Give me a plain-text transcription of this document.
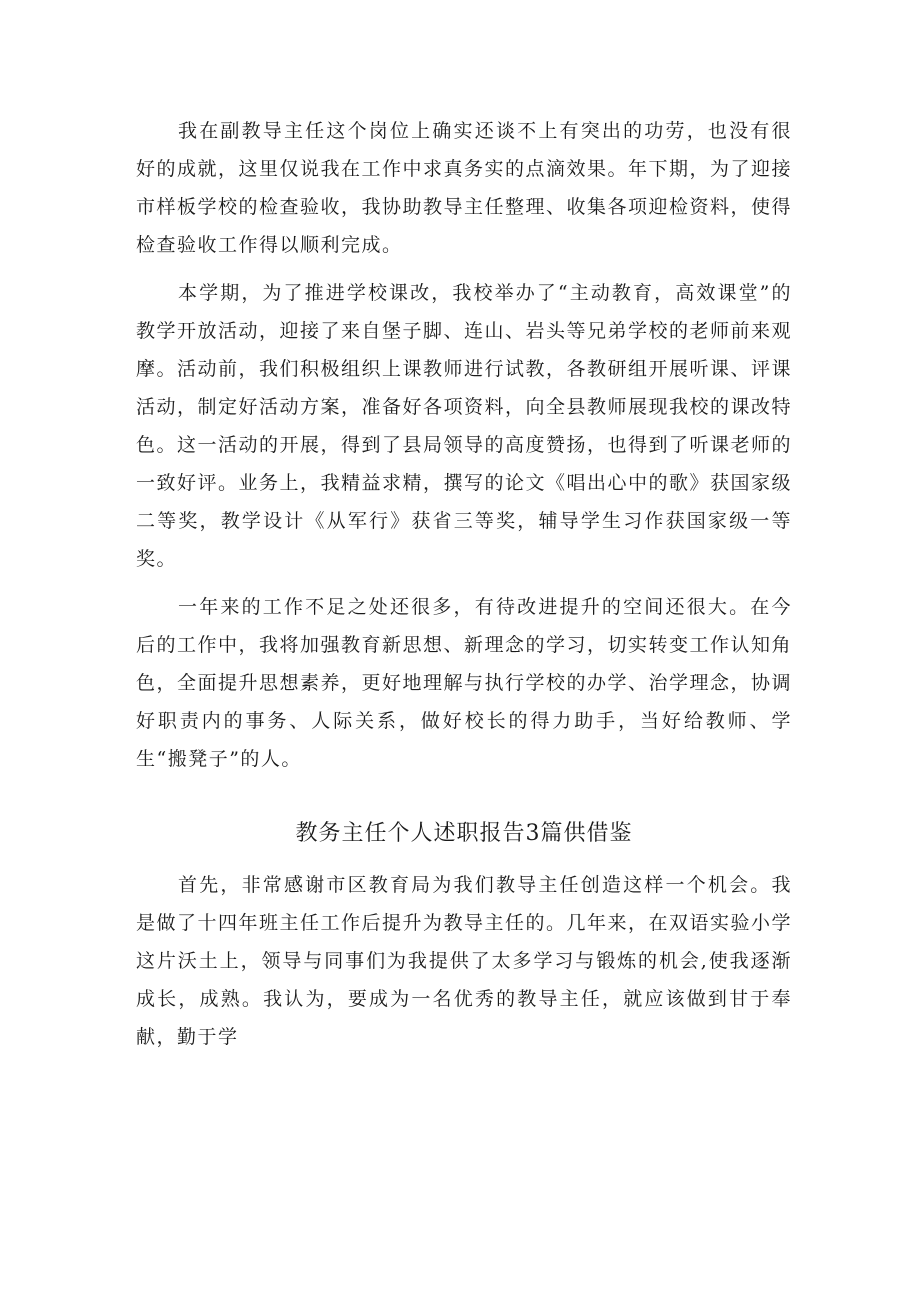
我在副教导主任这个岗位上确实还谈不上有突出的功劳，也没有很好的成就，这里仅说我在工作中求真务实的点滴效果。年下期，为了迎接市样板学校的检查验收，我协助教导主任整理、收集各项迎检资料，使得检查验收工作得以顺利完成。

本学期，为了推进学校课改，我校举办了“主动教育，高效课堂”的教学开放活动，迎接了来自堡子脚、连山、岩头等兄弟学校的老师前来观摩。活动前，我们积极组织上课教师进行试教，各教研组开展听课、评课活动，制定好活动方案，准备好各项资料，向全县教师展现我校的课改特色。这一活动的开展，得到了县局领导的高度赞扬，也得到了听课老师的一致好评。业务上，我精益求精，撰写的论文《唱出心中的歌》获国家级二等奖，教学设计《从军行》获省三等奖，辅导学生习作获国家级一等奖。

一年来的工作不足之处还很多，有待改进提升的空间还很大。在今后的工作中，我将加强教育新思想、新理念的学习，切实转变工作认知角色，全面提升思想素养，更好地理解与执行学校的办学、治学理念，协调好职责内的事务、人际关系，做好校长的得力助手，当好给教师、学生“搬凳子”的人。

教务主任个人述职报告3篇供借鉴

首先，非常感谢市区教育局为我们教导主任创造这样一个机会。我是做了十四年班主任工作后提升为教导主任的。几年来，在双语实验小学这片沃土上，领导与同事们为我提供了太多学习与锻炼的机会,使我逐渐成长，成熟。我认为，要成为一名优秀的教导主任，就应该做到甘于奉献，勤于学
